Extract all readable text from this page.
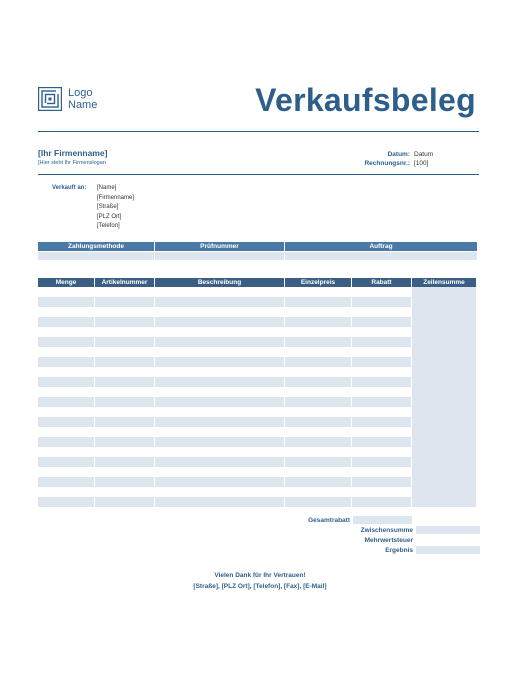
Logo
Name	Verkaufsbeleg
[Ihr Firmenname]
[Hier steht Ihr Firmenslogan
Datum: Datum
Rechnungsnr.: [100]
Verkauft an:	[Name]
[Firmenname]
[Straße]
[PLZ Ort]
[Telefon]
Zahlungsmethode	Prüfnummer	Auftrag
Menge	Artikelnummer	Beschreibung	Einzelpreis	Rabatt	Zeilensumme
Gesamtrabatt
Zwischensumme
Mehrwertsteuer
Ergebnis
Vielen Dank für Ihr Vertrauen!
[Straße], [PLZ Ort], [Telefon], [Fax], [E-Mail]
